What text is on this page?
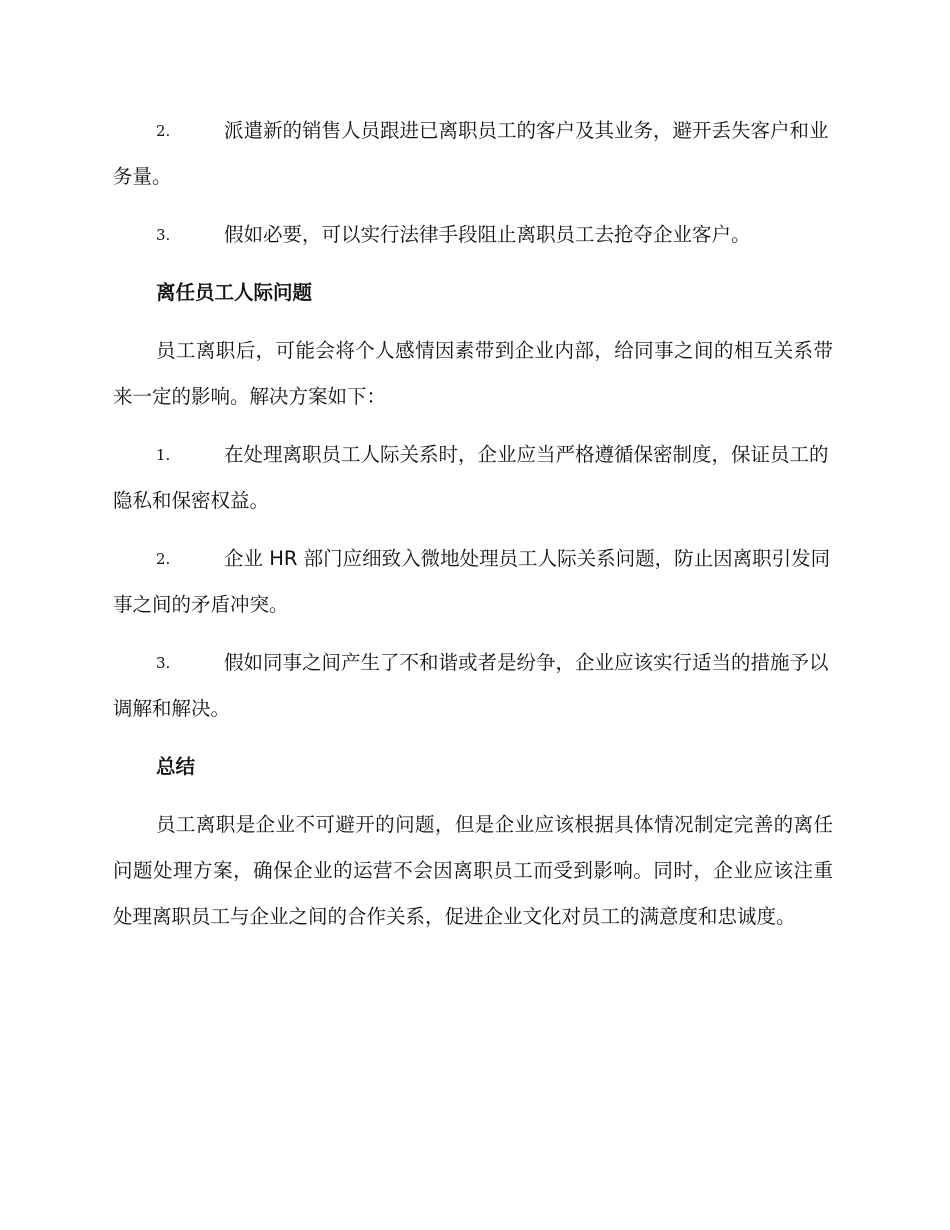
2.	派遣新的销售人员跟进已离职员工的客户及其业务，避开丢失客户和业务量。
3.	假如必要，可以实行法律手段阻止离职员工去抢夺企业客户。
离任员工人际问题

员工离职后，可能会将个人感情因素带到企业内部，给同事之间的相互关系带来一定的影响。解决方案如下：

1.	在处理离职员工人际关系时，企业应当严格遵循保密制度，保证员工的隐私和保密权益。
2.	企业 HR 部门应细致入微地处理员工人际关系问题，防止因离职引发同事之间的矛盾冲突。
3.	假如同事之间产生了不和谐或者是纷争，企业应该实行适当的措施予以调解和解决。
总结

员工离职是企业不可避开的问题，但是企业应该根据具体情况制定完善的离任问题处理方案，确保企业的运营不会因离职员工而受到影响。同时，企业应该注重处理离职员工与企业之间的合作关系，促进企业文化对员工的满意度和忠诚度。
